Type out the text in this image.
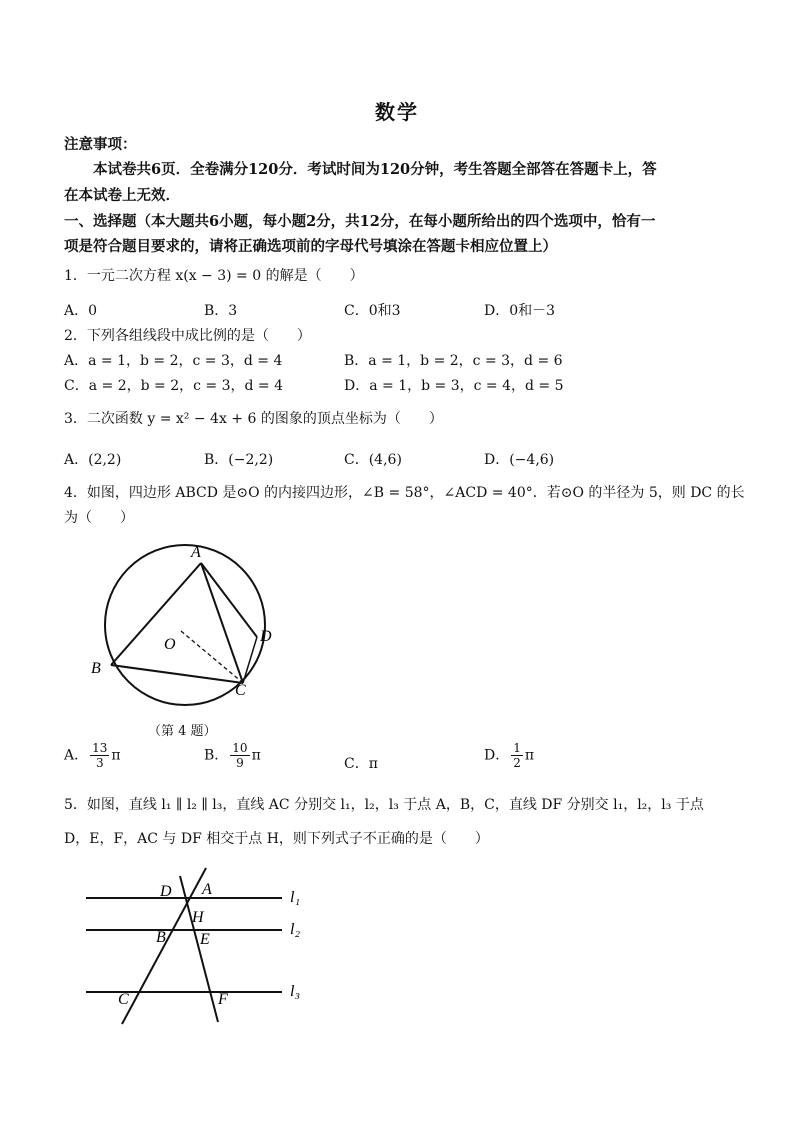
数学
注意事项：
本试卷共6页．全卷满分120分．考试时间为120分钟，考生答题全部答在答题卡上，答
在本试卷上无效．
一、选择题（本大题共6小题，每小题2分，共12分，在每小题所给出的四个选项中，恰有一
项是符合题目要求的，请将正确选项前的字母代号填涂在答题卡相应位置上）
1．一元二次方程 x(x − 3) = 0 的解是（　　）
A．0	B．3	C．0和3	D．0和－3
2．下列各组线段中成比例的是（　　）
A．a = 1，b = 2，c = 3，d = 4	B．a = 1，b = 2，c = 3，d = 6
C．a = 2，b = 2，c = 3，d = 4	D．a = 1，b = 3，c = 4，d = 5
3．二次函数 y = x² − 4x + 6 的图象的顶点坐标为（　　）
A．(2,2)	B．(−2,2)	C．(4,6)	D．(−4,6)
4．如图，四边形 ABCD 是⊙O 的内接四边形，∠B = 58°，∠ACD = 40°．若⊙O 的半径为 5，则 DC 的长
为（　　）
A
B
C
D
O
（第 4 题）
A． $\frac{13}{3}$ π	B． $\frac{10}{9}$ π
C．π
D． $\frac{1}{2}$ π
5．如图，直线 l₁ ∥ l₂ ∥ l₃，直线 AC 分别交 l₁，l₂，l₃ 于点 A，B，C，直线 DF 分别交 l₁，l₂，l₃ 于点
D，E，F，AC 与 DF 相交于点 H，则下列式子不正确的是（　　）
D A
H
B E
C	F
l₁
l₂
l₃
